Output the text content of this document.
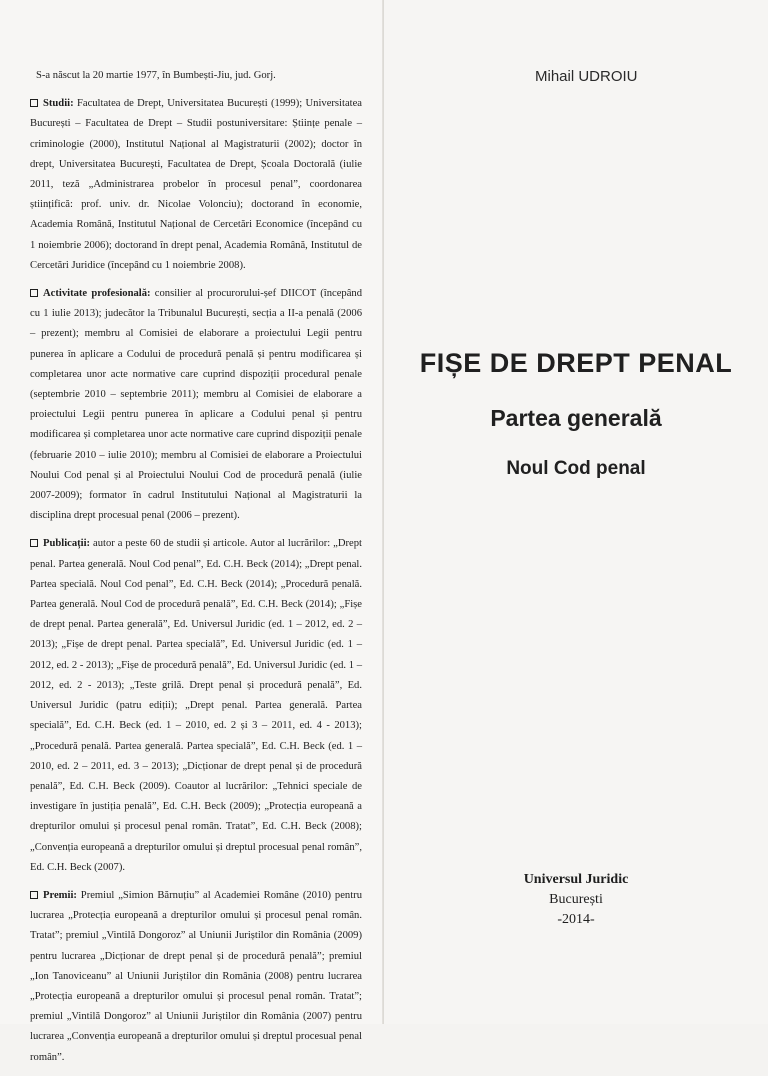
S-a născut la 20 martie 1977, în Bumbești-Jiu, jud. Gorj.
Studii: Facultatea de Drept, Universitatea București (1999); Universitatea București – Facultatea de Drept – Studii postuniversitare: Științe penale – criminologie (2000), Institutul Național al Magistraturii (2002); doctor în drept, Universitatea București, Facultatea de Drept, Școala Doctorală (iulie 2011, teză „Administrarea probelor în procesul penal”, coordonarea științifică: prof. univ. dr. Nicolae Volonciu); doctorand în economie, Academia Română, Institutul Național de Cercetări Economice (începând cu 1 noiembrie 2006); doctorand în drept penal, Academia Română, Institutul de Cercetări Juridice (începând cu 1 noiembrie 2008).
Activitate profesională: consilier al procurorului-șef DIICOT (începând cu 1 iulie 2013); judecător la Tribunalul București, secția a II-a penală (2006 – prezent); membru al Comisiei de elaborare a proiectului Legii pentru punerea în aplicare a Codului de procedură penală și pentru modificarea și completarea unor acte normative care cuprind dispoziții procedural penale (septembrie 2010 – septembrie 2011); membru al Comisiei de elaborare a proiectului Legii pentru punerea în aplicare a Codului penal și pentru modificarea și completarea unor acte normative care cuprind dispoziții penale (februarie 2010 – iulie 2010); membru al Comisiei de elaborare a Proiectului Noului Cod penal și al Proiectului Noului Cod de procedură penală (iulie 2007-2009); formator în cadrul Institutului Național al Magistraturii la disciplina drept procesual penal (2006 – prezent).
Publicații: autor a peste 60 de studii și articole. Autor al lucrărilor: „Drept penal. Partea generală. Noul Cod penal”, Ed. C.H. Beck (2014); „Drept penal. Partea specială. Noul Cod penal”, Ed. C.H. Beck (2014); „Procedură penală. Partea generală. Noul Cod de procedură penală”, Ed. C.H. Beck (2014); „Fișe de drept penal. Partea generală”, Ed. Universul Juridic (ed. 1 – 2012, ed. 2 – 2013); „Fișe de drept penal. Partea specială”, Ed. Universul Juridic (ed. 1 – 2012, ed. 2 - 2013); „Fișe de procedură penală”, Ed. Universul Juridic (ed. 1 – 2012, ed. 2 - 2013); „Teste grilă. Drept penal și procedură penală”, Ed. Universul Juridic (patru ediții); „Drept penal. Partea generală. Partea specială”, Ed. C.H. Beck (ed. 1 – 2010, ed. 2 și 3 – 2011, ed. 4 - 2013); „Procedură penală. Partea generală. Partea specială”, Ed. C.H. Beck (ed. 1 – 2010, ed. 2 – 2011, ed. 3 – 2013); „Dicționar de drept penal și de procedură penală”, Ed. C.H. Beck (2009). Coautor al lucrărilor: „Tehnici speciale de investigare în justiția penală”, Ed. C.H. Beck (2009); „Protecția europeană a drepturilor omului și procesul penal român. Tratat”, Ed. C.H. Beck (2008); „Convenția europeană a drepturilor omului și dreptul procesual penal român”, Ed. C.H. Beck (2007).
Premii: Premiul „Simion Bărnuțiu” al Academiei Române (2010) pentru lucrarea „Protecția europeană a drepturilor omului și procesul penal român. Tratat”; premiul „Vintilă Dongoroz” al Uniunii Juriștilor din România (2009) pentru lucrarea „Dicționar de drept penal și de procedură penală”; premiul „Ion Tanoviceanu” al Uniunii Juriștilor din România (2008) pentru lucrarea „Protecția europeană a drepturilor omului și procesul penal român. Tratat”; premiul „Vintilă Dongoroz” al Uniunii Juriștilor din România (2007) pentru lucrarea „Convenția europeană a drepturilor omului și dreptul procesual penal român”.
Mihail UDROIU
FIȘE DE DREPT PENAL
Partea generală
Noul Cod penal
Universul Juridic
București
-2014-
